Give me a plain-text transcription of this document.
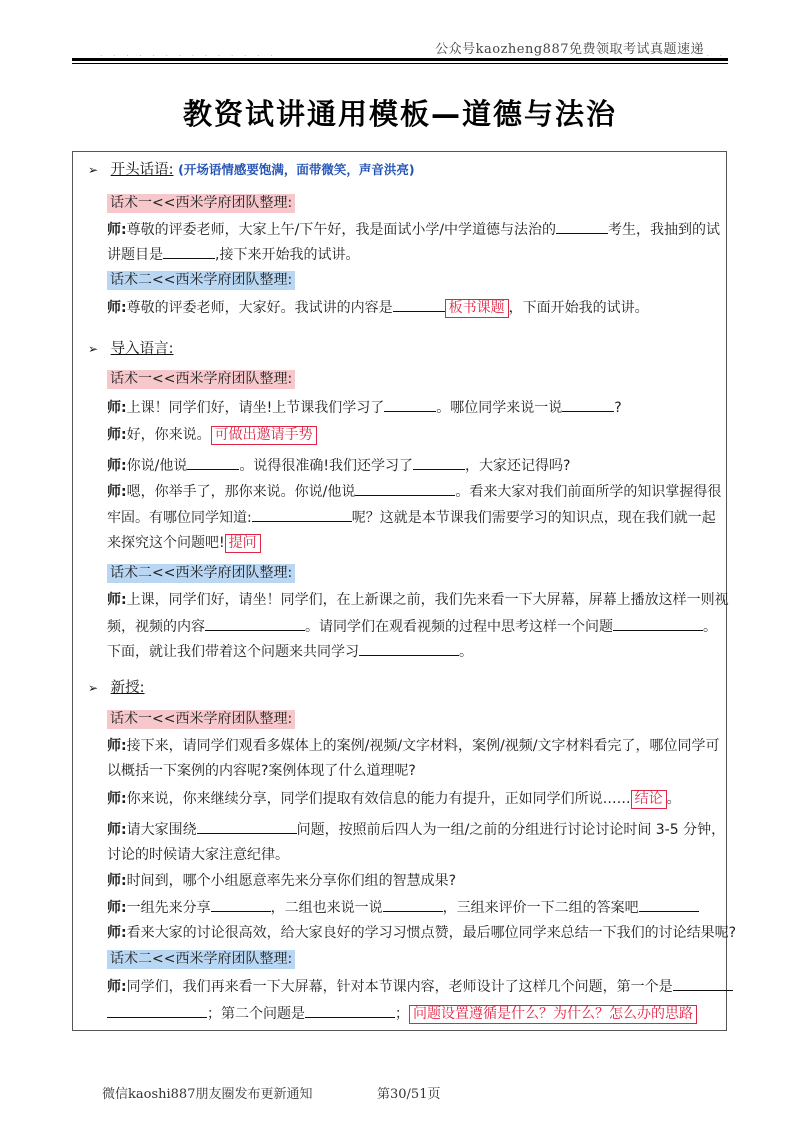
. . . . . . . . . . . . . .	. .
公众号kaozheng887免费领取考试真题速递
教资试讲通用模板—道德与法治
➢ 开头话语: (开场语情感要饱满，面带微笑，声音洪亮)
话术一<<西米学府团队整理:
师:尊敬的评委老师，大家上午/下午好，我是面试小学/中学道德与法治的	考生，我抽到的试
讲题目是	,接下来开始我的试讲。
话术二<<西米学府团队整理:
师:尊敬的评委老师，大家好。我试讲的内容是	板书课题 ，下面开始我的试讲。
➢ 导入语言:
话术一<<西米学府团队整理:
师:上课！同学们好，请坐!上节课我们学习了	。哪位同学来说一说	?
师:好，你来说。 可做出邀请手势
师:你说/他说	。说得很准确!我们还学习了	，大家还记得吗?
师:嗯，你举手了，那你来说。你说/他说	。看来大家对我们前面所学的知识掌握得很
牢固。有哪位同学知道:	呢？这就是本节课我们需要学习的知识点，现在我们就一起
来探究这个问题吧! 提问
话术二<<西米学府团队整理:
师:上课，同学们好，请坐！同学们，在上新课之前，我们先来看一下大屏幕，屏幕上播放这样一则视
频，视频的内容	。请同学们在观看视频的过程中思考这样一个问题	。
下面，就让我们带着这个问题来共同学习	。
➢ 新授:
话术一<<西米学府团队整理:
师:接下来，请同学们观看多媒体上的案例/视频/文字材料，案例/视频/文字材料看完了，哪位同学可
以概括一下案例的内容呢?案例体现了什么道理呢?
师:你来说，你来继续分享，同学们提取有效信息的能力有提升，正如同学们所说…… 结论 。
师:请大家围绕	问题，按照前后四人为一组/之前的分组进行讨论讨论时间 3-5 分钟，
讨论的时候请大家注意纪律。
师:时间到，哪个小组愿意率先来分享你们组的智慧成果?
师:一组先来分享	，二组也来说一说	，三组来评价一下二组的答案吧
师:看来大家的讨论很高效，给大家良好的学习习惯点赞，最后哪位同学来总结一下我们的讨论结果呢?
话术二<<西米学府团队整理:
师:同学们，我们再来看一下大屏幕，针对本节课内容，老师设计了这样几个问题，第一个是
；第二个问题是	； 问题设置遵循是什么？为什么？怎么办的思路
微信kaoshi887朋友圈发布更新通知	第30/51页
